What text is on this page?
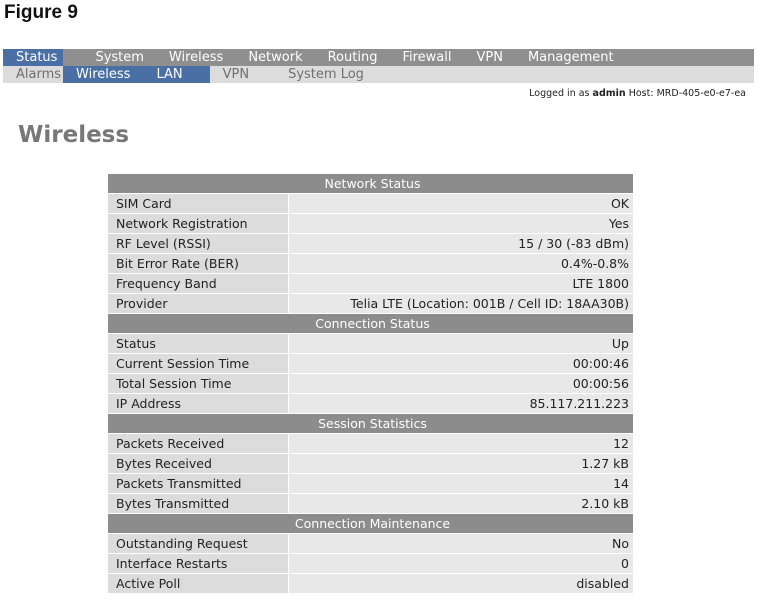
Figure 9
Status	System	Wireless	Network	Routing	Firewall	VPN	Management
Alarms	Wireless	LAN	VPN	System Log
Logged in as admin Host: MRD-405-e0-e7-ea
Wireless
Network Status	
SIM Card	OK
Network Registration	Yes
RF Level (RSSI)	15 / 30 (-83 dBm)
Bit Error Rate (BER)	0.4%-0.8%
Frequency Band	LTE 1800
Provider	Telia LTE (Location: 001B / Cell ID: 18AA30B)
Connection Status	
Status	Up
Current Session Time	00:00:46
Total Session Time	00:00:56
IP Address	85.117.211.223
Session Statistics	
Packets Received	12
Bytes Received	1.27 kB
Packets Transmitted	14
Bytes Transmitted	2.10 kB
Connection Maintenance	
Outstanding Request	No
Interface Restarts	0
Active Poll	disabled
